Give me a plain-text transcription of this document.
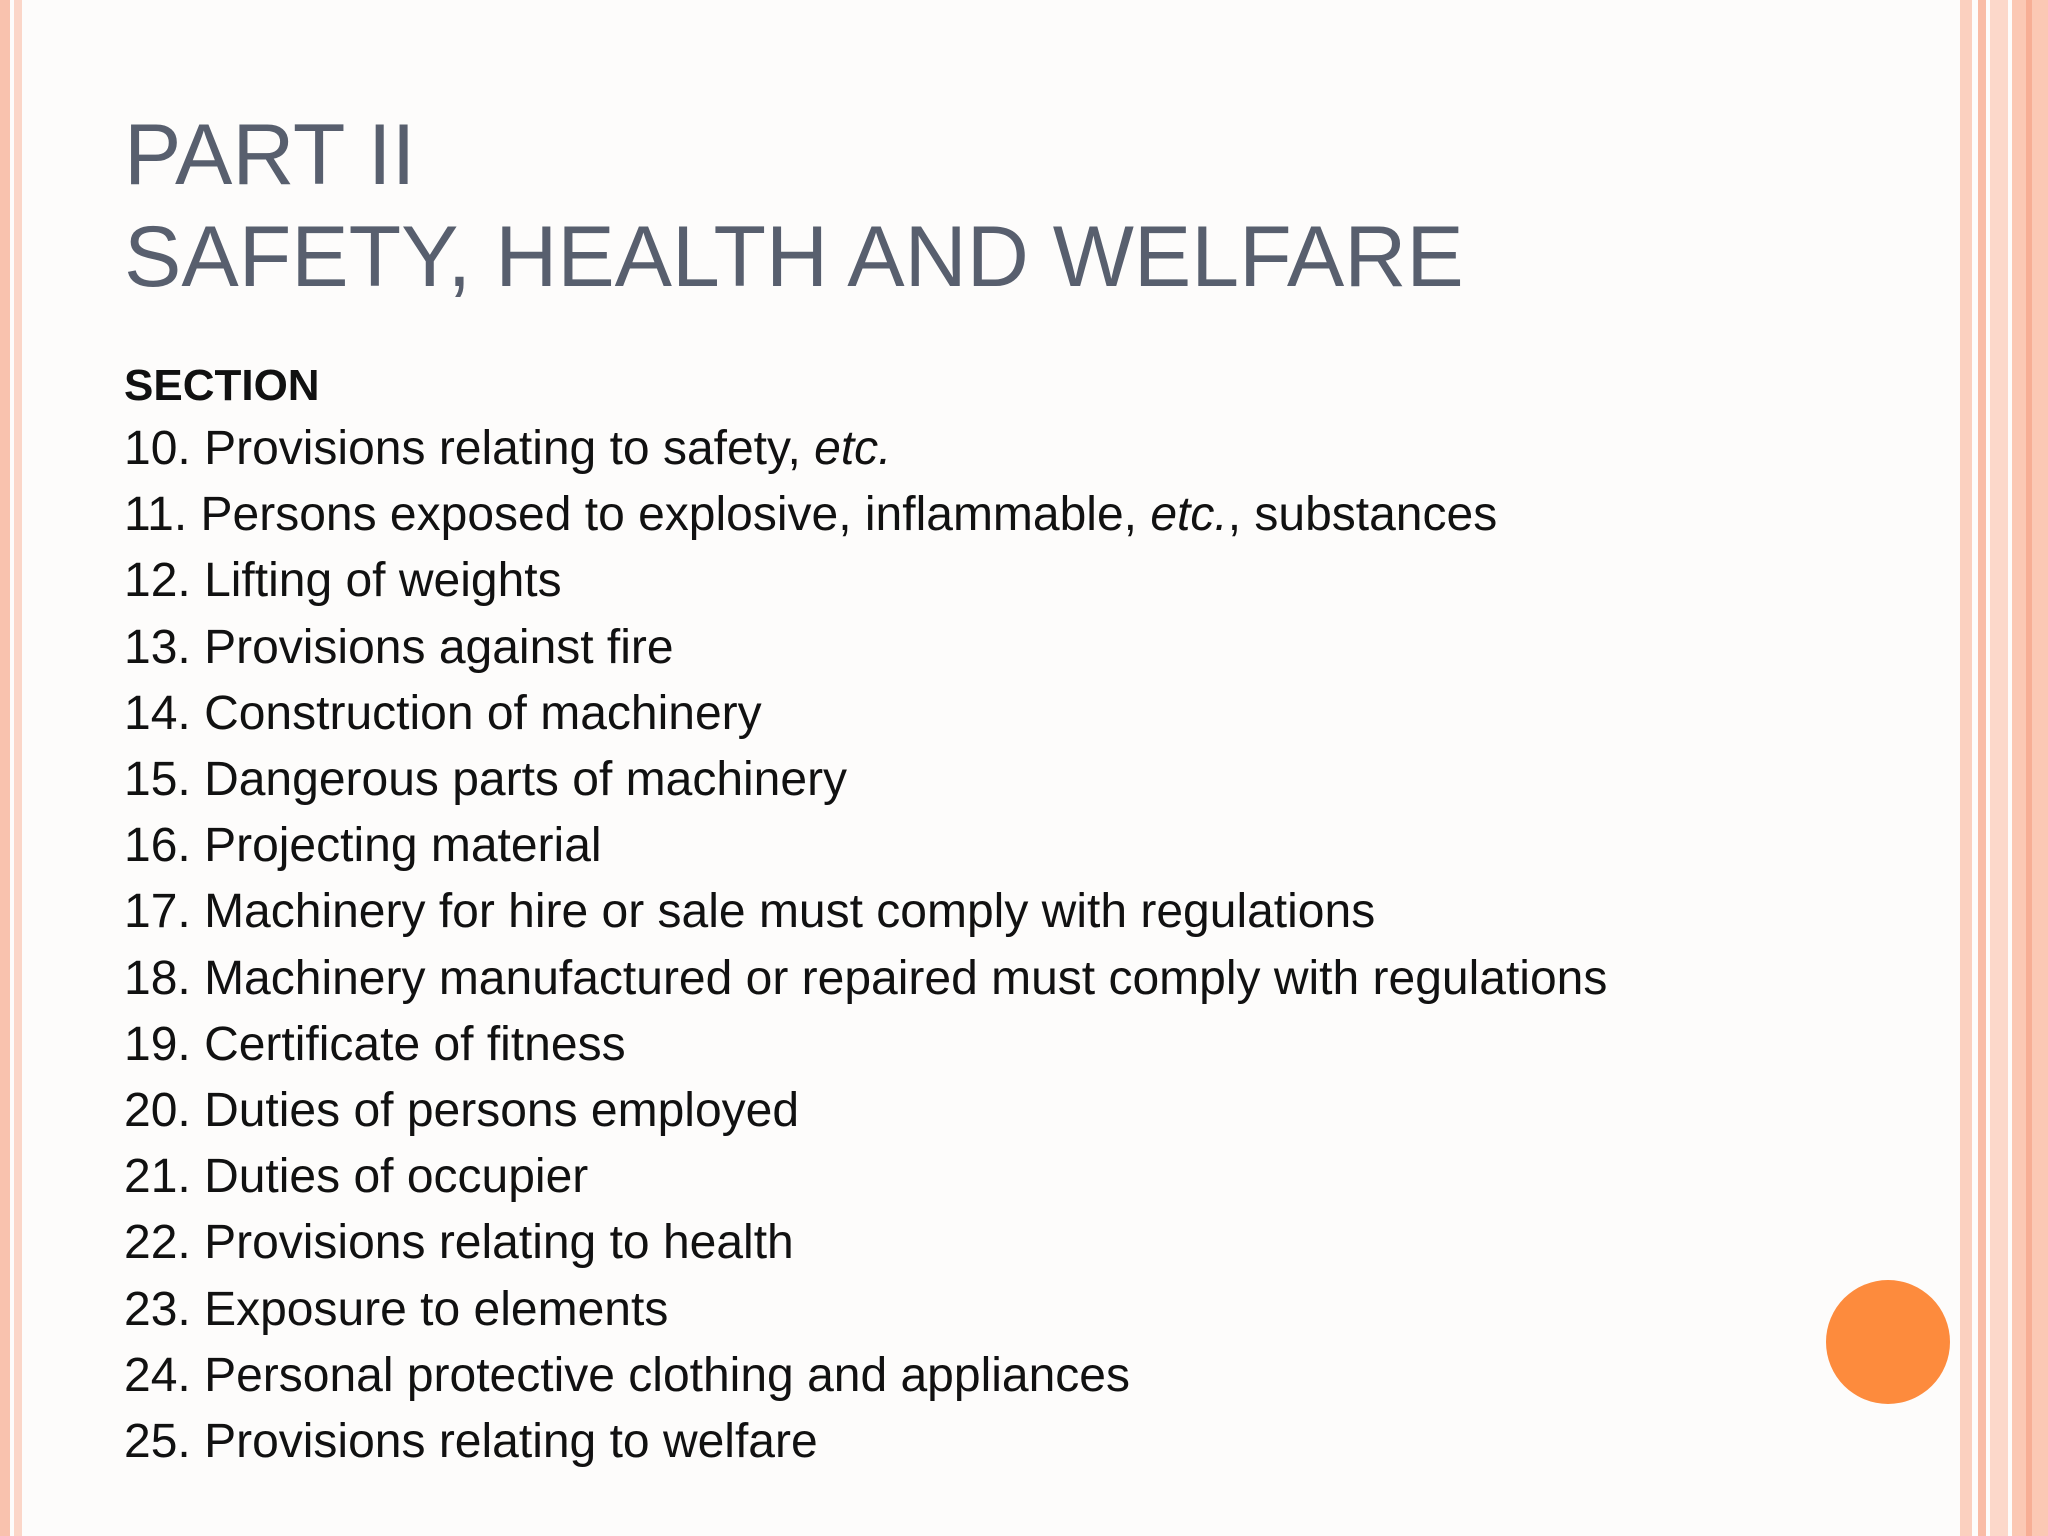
PART II
SAFETY, HEALTH AND WELFARE
SECTION
10. Provisions relating to safety, etc.
11. Persons exposed to explosive, inflammable, etc., substances
12. Lifting of weights
13. Provisions against fire
14. Construction of machinery
15. Dangerous parts of machinery
16. Projecting material
17. Machinery for hire or sale must comply with regulations
18. Machinery manufactured or repaired must comply with regulations
19. Certificate of fitness
20. Duties of persons employed
21. Duties of occupier
22. Provisions relating to health
23. Exposure to elements
24. Personal protective clothing and appliances
25. Provisions relating to welfare
